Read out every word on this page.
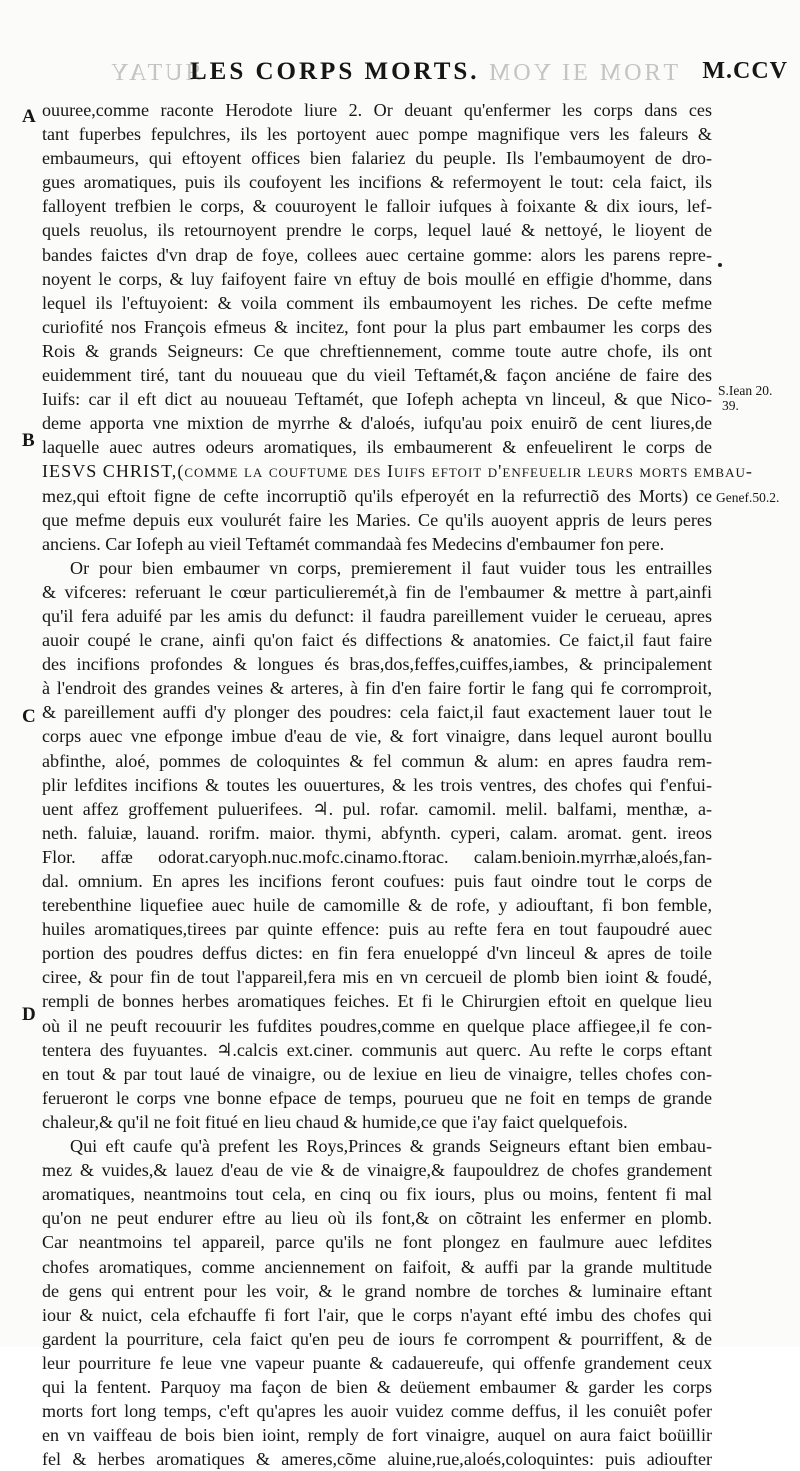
ЯUTAY	TЯOM ƎI YOM
LES CORPS MORTS.	M.CCV
A
B
C
D
S.Iean 20.
39.
Genef.50.2.
ouuree,comme raconte Herodote liure 2. Or deuant qu'enfermer les corps dans ces
tant fuperbes fepulchres, ils les portoyent auec pompe magnifique vers les faleurs &
embaumeurs, qui eftoyent offices bien falariez du peuple. Ils l'embaumoyent de dro-
gues aromatiques, puis ils coufoyent les incifions & refermoyent le tout: cela faict, ils
falloyent trefbien le corps, & couuroyent le falloir iufques à foixante & dix iours, lef-
quels reuolus, ils retournoyent prendre le corps, lequel laué & nettoyé, le lioyent de
bandes faictes d'vn drap de foye, collees auec certaine gomme: alors les parens repre-
noyent le corps, & luy faifoyent faire vn eftuy de bois moullé en effigie d'homme, dans
lequel ils l'eftuyoient: & voila comment ils embaumoyent les riches. De cefte mefme
curiofité nos François efmeus & incitez, font pour la plus part embaumer les corps des
Rois & grands Seigneurs: Ce que chreftiennement, comme toute autre chofe, ils ont
euidemment tiré, tant du nouueau que du vieil Teftamét,& façon anciéne de faire des
Iuifs: car il eft dict au nouueau Teftamét, que Iofeph achepta vn linceul, & que Nico-
deme apporta vne mixtion de myrrhe & d'aloés, iufqu'au poix enuirõ de cent liures,de
laquelle auec autres odeurs aromatiques, ils embaumerent & enfeuelirent le corps de
IESVS CHRIST,(comme la couftume des Iuifs eftoit d'enfeuelir leurs morts embau-
mez,qui eftoit figne de cefte incorruptiõ qu'ils efperoyét en la refurrectiõ des Morts) ce
que mefme depuis eux voulurét faire les Maries. Ce qu'ils auoyent appris de leurs peres
anciens. Car Iofeph au vieil Teftamét commandaà fes Medecins d'embaumer fon pere.
Or pour bien embaumer vn corps, premierement il faut vuider tous les entrailles
& vifceres: referuant le cœur particulieremét,à fin de l'embaumer & mettre à part,ainfi
qu'il fera aduifé par les amis du defunct: il faudra pareillement vuider le cerueau, apres
auoir coupé le crane, ainfi qu'on faict és diffections & anatomies. Ce faict,il faut faire
des incifions profondes & longues és bras,dos,feffes,cuiffes,iambes, & principalement
à l'endroit des grandes veines & arteres, à fin d'en faire fortir le fang qui fe corromproit,
& pareillement auffi d'y plonger des poudres: cela faict,il faut exactement lauer tout le
corps auec vne efponge imbue d'eau de vie, & fort vinaigre, dans lequel auront boullu
abfinthe, aloé, pommes de coloquintes & fel commun & alum: en apres faudra rem-
plir lefdites incifions & toutes les ouuertures, & les trois ventres, des chofes qui f'enfui-
uent affez groffement puluerifees. ♃. pul. rofar. camomil. melil. balfami, menthæ, a-
neth. faluiæ, lauand. rorifm. maior. thymi, abfynth. cyperi, calam. aromat. gent. ireos
Flor. affæ odorat.caryoph.nuc.mofc.cinamo.ftorac. calam.benioin.myrrhæ,aloés,fan-
dal. omnium. En apres les incifions feront coufues: puis faut oindre tout le corps de
terebenthine liquefiee auec huile de camomille & de rofe, y adiouftant, fi bon femble,
huiles aromatiques,tirees par quinte effence: puis au refte fera en tout faupoudré auec
portion des poudres deffus dictes: en fin fera enueloppé d'vn linceul & apres de toile
ciree, & pour fin de tout l'appareil,fera mis en vn cercueil de plomb bien ioint & foudé,
rempli de bonnes herbes aromatiques feiches. Et fi le Chirurgien eftoit en quelque lieu
où il ne peuft recouurir les fufdites poudres,comme en quelque place affiegee,il fe con-
tentera des fuyuantes. ♃.calcis ext.ciner. communis aut querc. Au refte le corps eftant
en tout & par tout laué de vinaigre, ou de lexiue en lieu de vinaigre, telles chofes con-
ferueront le corps vne bonne efpace de temps, pourueu que ne foit en temps de grande
chaleur,& qu'il ne foit fitué en lieu chaud & humide,ce que i'ay faict quelquefois.
Qui eft caufe qu'à prefent les Roys,Princes & grands Seigneurs eftant bien embau-
mez & vuides,& lauez d'eau de vie & de vinaigre,& faupouldrez de chofes grandement
aromatiques, neantmoins tout cela, en cinq ou fix iours, plus ou moins, fentent fi mal
qu'on ne peut endurer eftre au lieu où ils font,& on cõtraint les enfermer en plomb.
Car neantmoins tel appareil, parce qu'ils ne font plongez en faulmure auec lefdites
chofes aromatiques, comme anciennement on faifoit, & auffi par la grande multitude
de gens qui entrent pour les voir, & le grand nombre de torches & luminaire eftant
iour & nuict, cela efchauffe fi fort l'air, que le corps n'ayant efté imbu des chofes qui
gardent la pourriture, cela faict qu'en peu de iours fe corrompent & pourriffent, & de
leur pourriture fe leue vne vapeur puante & cadauereufe, qui offenfe grandement ceux
qui la fentent. Parquoy ma façon de bien & deüement embaumer & garder les corps
morts fort long temps, c'eft qu'apres les auoir vuidez comme deffus, il les conuiêt pofer
en vn vaiffeau de bois bien ioint, remply de fort vinaigre, auquel on aura faict boüillir
fel & herbes aromatiques & ameres,cõme aluine,rue,aloés,coloquintes: puis adioufter
